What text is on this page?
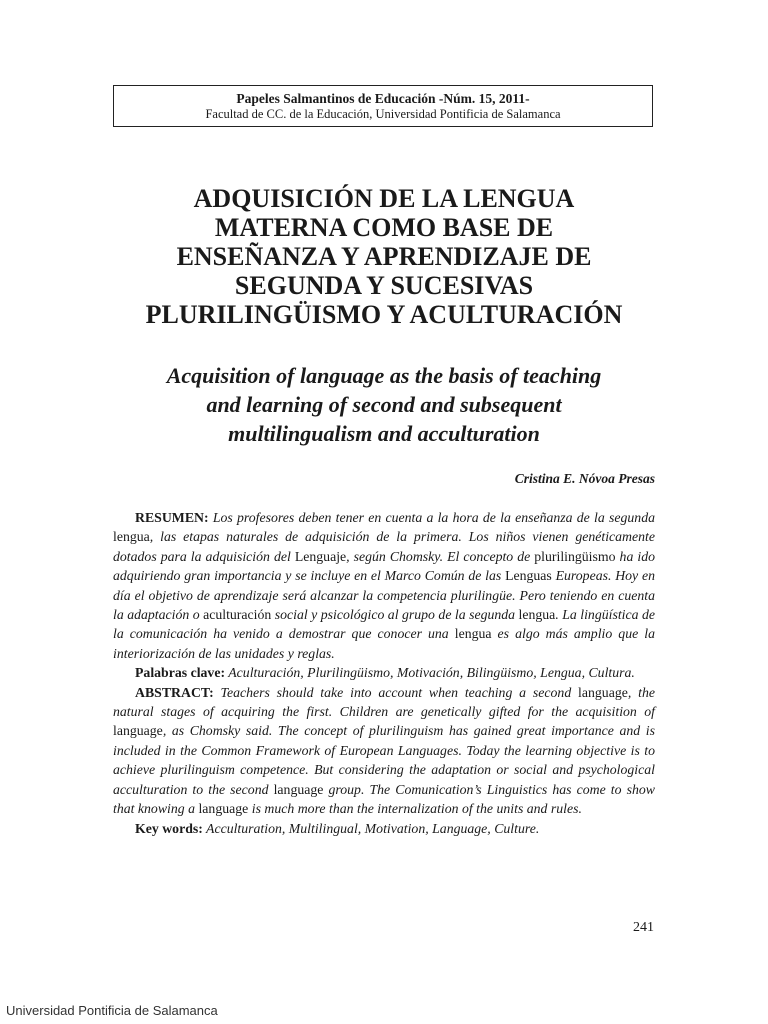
Papeles Salmantinos de Educación -Núm. 15, 2011-
Facultad de CC. de la Educación, Universidad Pontificia de Salamanca
ADQUISICIÓN DE LA LENGUA
MATERNA COMO BASE DE
ENSEÑANZA Y APRENDIZAJE DE
SEGUNDA Y SUCESIVAS
PLURILINGÜISMO Y ACULTURACIÓN
Acquisition of language as the basis of teaching
and learning of second and subsequent
multilingualism and acculturation
Cristina E. Nóvoa Presas

RESUMEN: Los profesores deben tener en cuenta a la hora de la enseñanza de la segunda lengua, las etapas naturales de adquisición de la primera. Los niños vienen genéticamente dotados para la adquisición del Lenguaje, según Chomsky. El concepto de plurilingüismo ha ido adquiriendo gran importancia y se incluye en el Marco Común de las Lenguas Europeas. Hoy en día el objetivo de aprendizaje será alcanzar la competencia plurilingüe. Pero teniendo en cuenta la adaptación o aculturación social y psicológico al grupo de la segunda lengua. La lingüística de la comunicación ha venido a demostrar que conocer una lengua es algo más amplio que la interiorización de las unidades y reglas.

Palabras clave: Aculturación, Plurilingüismo, Motivación, Bilingüismo, Lengua, Cultura.

ABSTRACT: Teachers should take into account when teaching a second language, the natural stages of acquiring the first. Children are genetically gifted for the acquisition of language, as Chomsky said. The concept of plurilinguism has gained great importance and is included in the Common Framework of European Languages. Today the learning objective is to achieve plurilinguism competence. But considering the adaptation or social and psychological acculturation to the second language group. The Comunication’s Linguistics has come to show that knowing a language is much more than the internalization of the units and rules.

Key words: Acculturation, Multilingual, Motivation, Language, Culture.

241
Universidad Pontificia de Salamanca
